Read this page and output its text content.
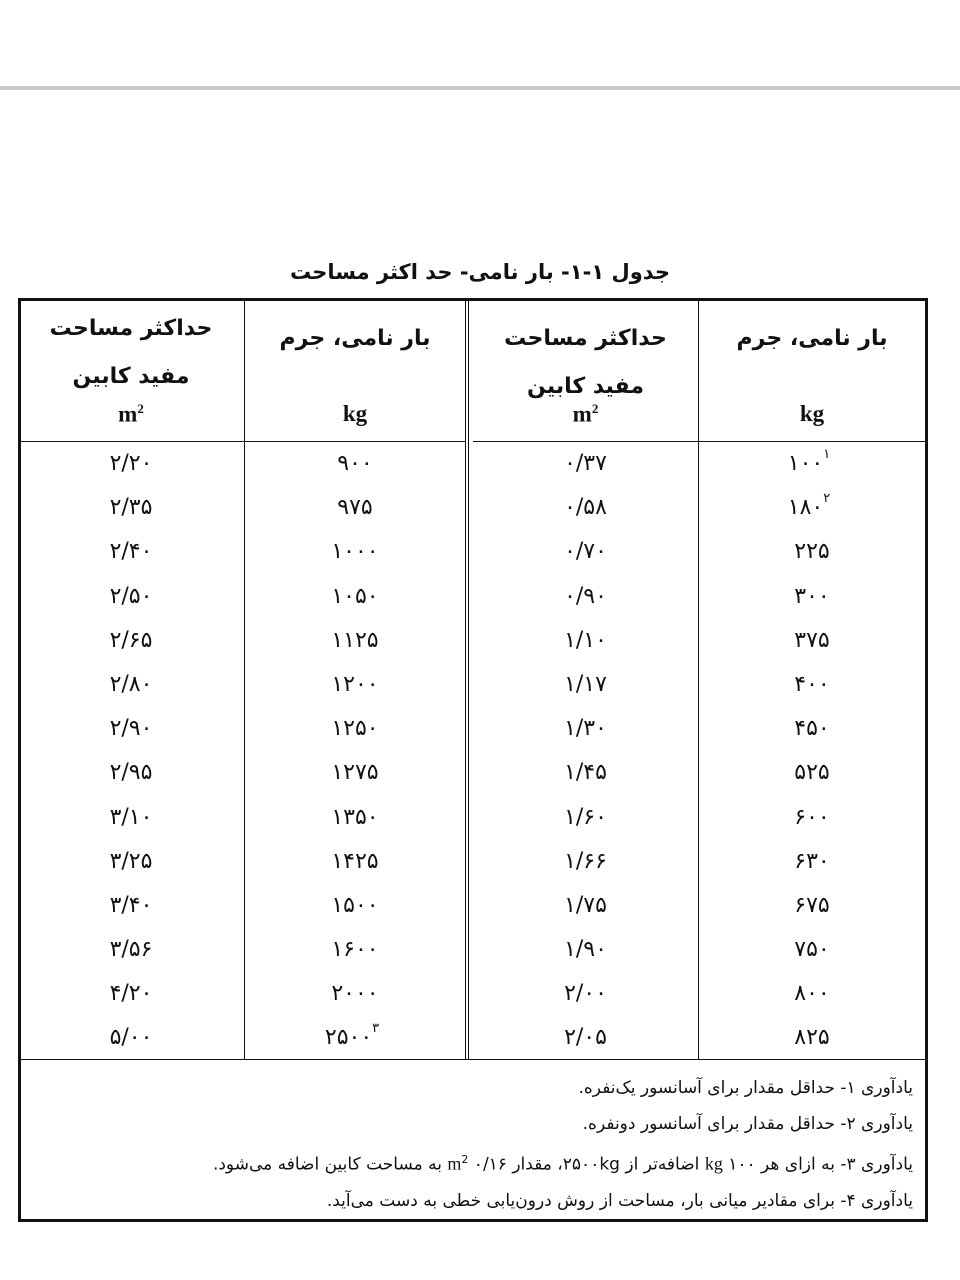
جدول ۱-۱- بار نامی- حد اکثر مساحت
بار نامی، جرم
kg
$۱۰۰^۱$
$۱۸۰^۲$
۲۲۵
۳۰۰
۳۷۵
۴۰۰
۴۵۰
۵۲۵
۶۰۰
۶۳۰
۶۷۵
۷۵۰
۸۰۰
۸۲۵
حداکثر مساحت
مفید کابین
$m^2$
۰/۳۷
۰/۵۸
۰/۷۰
۰/۹۰
۱/۱۰
۱/۱۷
۱/۳۰
۱/۴۵
۱/۶۰
۱/۶۶
۱/۷۵
۱/۹۰
۲/۰۰
۲/۰۵
بار نامی، جرم
kg
۹۰۰
۹۷۵
۱۰۰۰
۱۰۵۰
۱۱۲۵
۱۲۰۰
۱۲۵۰
۱۲۷۵
۱۳۵۰
۱۴۲۵
۱۵۰۰
۱۶۰۰
۲۰۰۰
۲۵۰۰$^۳$
حداکثر مساحت
مفید کابین
$m^2$
۲/۲۰
۲/۳۵
۲/۴۰
۲/۵۰
۲/۶۵
۲/۸۰
۲/۹۰
۲/۹۵
۳/۱۰
۳/۲۵
۳/۴۰
۳/۵۶
۴/۲۰
۵/۰۰
یادآوری ۱- حداقل مقدار برای آسانسور یک‌نفره.
یادآوری ۲- حداقل مقدار برای آسانسور دونفره.
یادآوری ۳- به ازای هر kg ۱۰۰ اضافه‌تر از ۲۵۰۰kg، مقدار $m^2$ ۰/۱۶ به مساحت کابین اضافه می‌شود.
یادآوری ۴- برای مقادیر میانی بار، مساحت از روش درون‌یابی خطی به دست می‌آید.
